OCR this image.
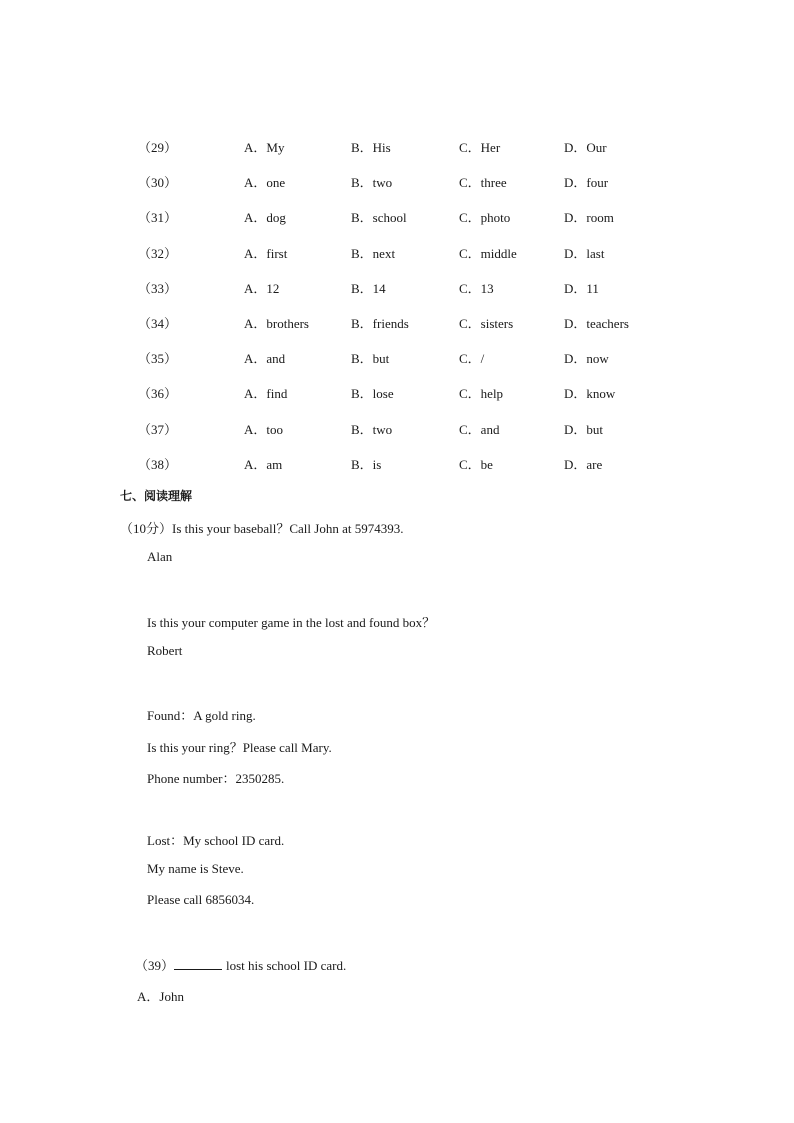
（29）	A．My	B．His	C．Her	D．Our
（30）	A．one	B．two	C．three	D．four
（31）	A．dog	B．school	C．photo	D．room
（32）	A．first	B．next	C．middle	D．last
（33）	A．12	B．14	C．13	D．11
（34）	A．brothers	B．friends	C．sisters	D．teachers
（35）	A．and	B．but	C．/	D．now
（36）	A．find	B．lose	C．help	D．know
（37）	A．too	B．two	C．and	D．but
（38）	A．am	B．is	C．be	D．are
七、阅读理解
（10分）Is this your baseball？Call John at 5974393.
Alan
Is this your computer game in the lost and found box？
Robert
Found：A gold ring.
Is this your ring？Please call Mary.
Phone number：2350285.
Lost：My school ID card.
My name is Steve.
Please call 6856034.
（39）	lost his school ID card.
A．John
